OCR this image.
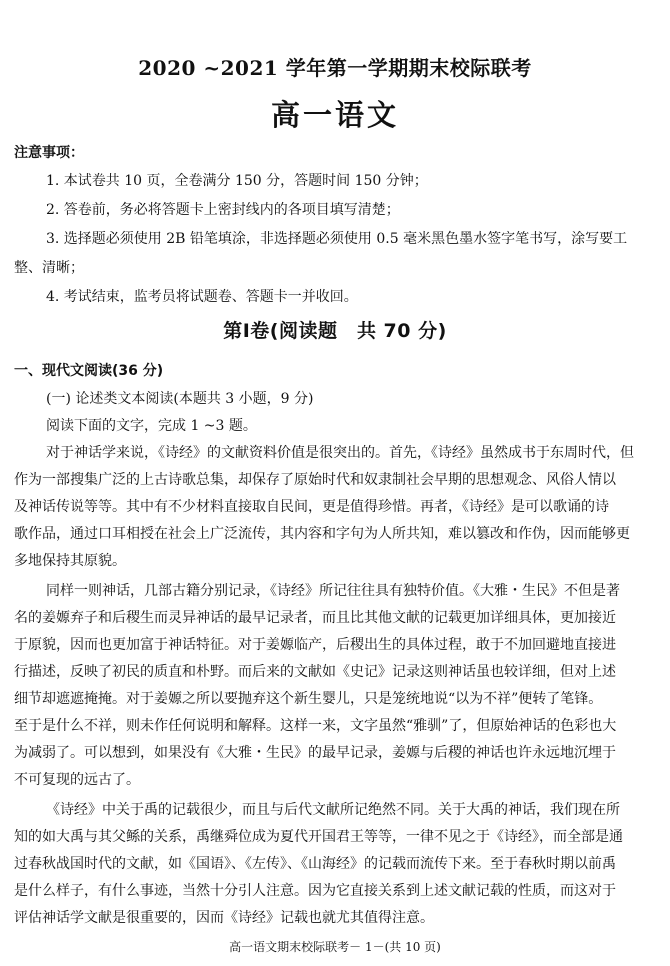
2020 ~2021 学年第一学期期末校际联考
高一语文
注意事项：
1. 本试卷共 10 页，全卷满分 150 分，答题时间 150 分钟；
2. 答卷前，务必将答题卡上密封线内的各项目填写清楚；
3. 选择题必须使用 2B 铅笔填涂，非选择题必须使用 0.5 毫米黑色墨水签字笔书写，涂写要工
整、清晰；
4. 考试结束，监考员将试题卷、答题卡一并收回。
第Ⅰ卷(阅读题　共 70 分)
一、现代文阅读(36 分)
(一) 论述类文本阅读(本题共 3 小题，9 分)
阅读下面的文字，完成 1 ~3 题。
对于神话学来说，《诗经》的文献资料价值是很突出的。首先，《诗经》虽然成书于东周时代，但
作为一部搜集广泛的上古诗歌总集，却保存了原始时代和奴隶制社会早期的思想观念、风俗人情以
及神话传说等等。其中有不少材料直接取自民间，更是值得珍惜。再者，《诗经》是可以歌诵的诗
歌作品，通过口耳相授在社会上广泛流传，其内容和字句为人所共知，难以篡改和作伪，因而能够更
多地保持其原貌。
同样一则神话，几部古籍分别记录，《诗经》所记往往具有独特价值。《大雅・生民》不但是著
名的姜嫄弃子和后稷生而灵异神话的最早记录者，而且比其他文献的记载更加详细具体，更加接近
于原貌，因而也更加富于神话特征。对于姜嫄临产，后稷出生的具体过程，敢于不加回避地直接进
行描述，反映了初民的质直和朴野。而后来的文献如《史记》记录这则神话虽也较详细，但对上述
细节却遮遮掩掩。对于姜嫄之所以要抛弃这个新生婴儿，只是笼统地说“以为不祥”便转了笔锋。
至于是什么不祥，则未作任何说明和解释。这样一来，文字虽然“雅驯”了，但原始神话的色彩也大
为减弱了。可以想到，如果没有《大雅・生民》的最早记录，姜嫄与后稷的神话也许永远地沉埋于
不可复现的远古了。
《诗经》中关于禹的记载很少，而且与后代文献所记绝然不同。关于大禹的神话，我们现在所
知的如大禹与其父鲧的关系，禹继舜位成为夏代开国君王等等，一律不见之于《诗经》，而全部是通
过春秋战国时代的文献，如《国语》、《左传》、《山海经》的记载而流传下来。至于春秋时期以前禹
是什么样子，有什么事迹，当然十分引人注意。因为它直接关系到上述文献记载的性质，而这对于
评估神话学文献是很重要的，因而《诗经》记载也就尤其值得注意。
高一语文期末校际联考－ 1－(共 10 页)
